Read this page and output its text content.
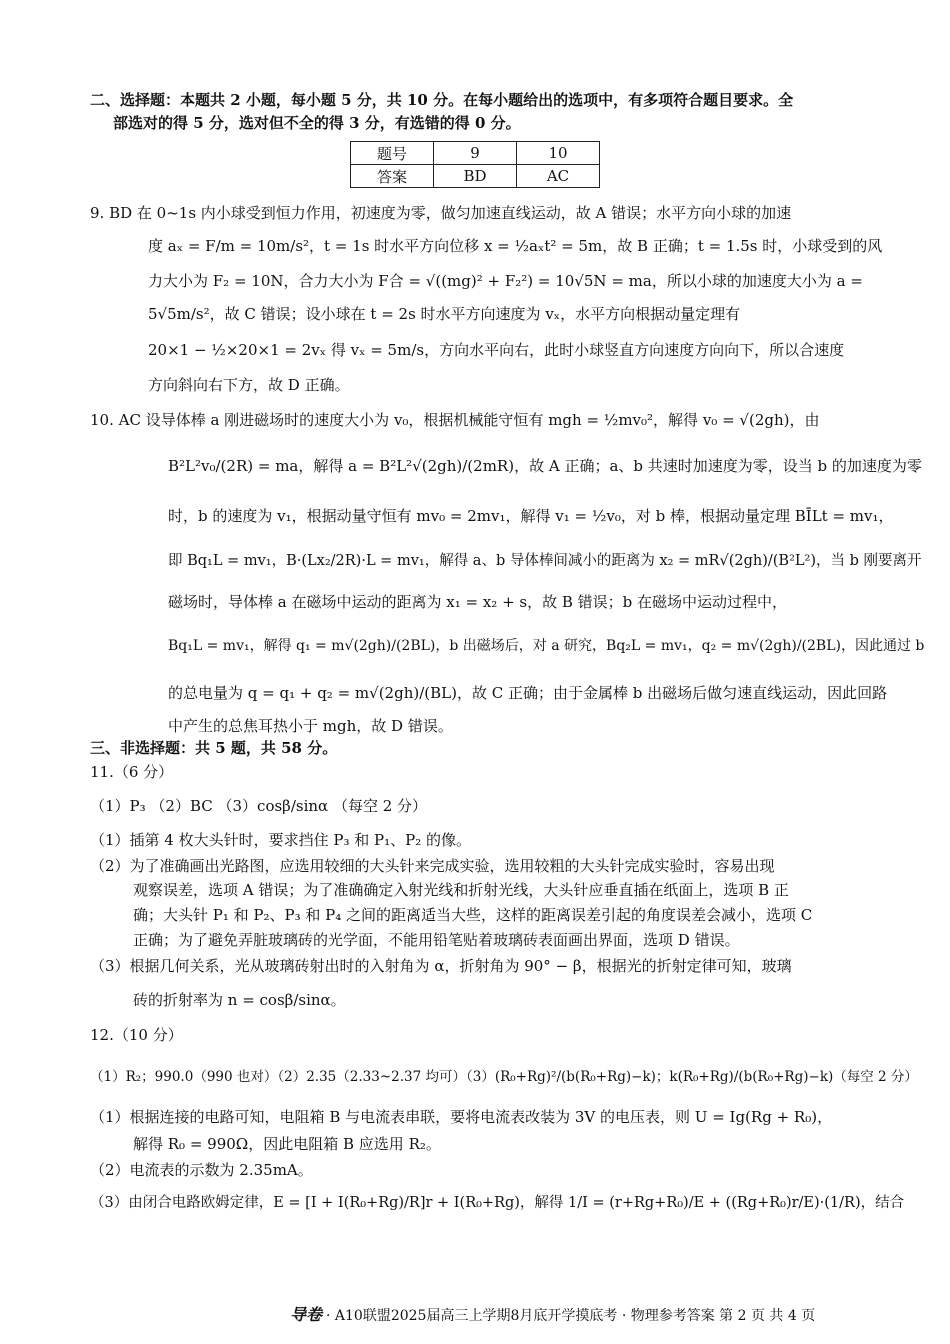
二、选择题：本题共 2 小题，每小题 5 分，共 10 分。在每小题给出的选项中，有多项符合题目要求。全
部选对的得 5 分，选对但不全的得 3 分，有选错的得 0 分。
题号	9	10
答案	BD	AC
9. BD 在 0~1s 内小球受到恒力作用，初速度为零，做匀加速直线运动，故 A 错误；水平方向小球的加速
度 aₓ = F/m = 10m/s²，t = 1s 时水平方向位移 x = ½aₓt² = 5m，故 B 正确；t = 1.5s 时，小球受到的风
力大小为 F₂ = 10N，合力大小为 F合 = √((mg)² + F₂²) = 10√5N = ma，所以小球的加速度大小为 a =
5√5m/s²，故 C 错误；设小球在 t = 2s 时水平方向速度为 vₓ，水平方向根据动量定理有
20×1 − ½×20×1 = 2vₓ 得 vₓ = 5m/s，方向水平向右，此时小球竖直方向速度方向向下，所以合速度
方向斜向右下方，故 D 正确。
10. AC 设导体棒 a 刚进磁场时的速度大小为 v₀，根据机械能守恒有 mgh = ½mv₀²，解得 v₀ = √(2gh)，由
B²L²v₀/(2R) = ma，解得 a = B²L²√(2gh)/(2mR)，故 A 正确；a、b 共速时加速度为零，设当 b 的加速度为零
时，b 的速度为 v₁，根据动量守恒有 mv₀ = 2mv₁，解得 v₁ = ½v₀，对 b 棒，根据动量定理 BĪLt = mv₁，
即 Bq₁L = mv₁，B·(Lx₂/2R)·L = mv₁，解得 a、b 导体棒间减小的距离为 x₂ = mR√(2gh)/(B²L²)，当 b 刚要离开
磁场时，导体棒 a 在磁场中运动的距离为 x₁ = x₂ + s，故 B 错误；b 在磁场中运动过程中，
Bq₁L = mv₁，解得 q₁ = m√(2gh)/(2BL)，b 出磁场后，对 a 研究，Bq₂L = mv₁，q₂ = m√(2gh)/(2BL)，因此通过 b
的总电量为 q = q₁ + q₂ = m√(2gh)/(BL)，故 C 正确；由于金属棒 b 出磁场后做匀速直线运动，因此回路
中产生的总焦耳热小于 mgh，故 D 错误。
三、非选择题：共 5 题，共 58 分。
11.（6 分）
（1）P₃ （2）BC （3）cosβ/sinα （每空 2 分）
（1）插第 4 枚大头针时，要求挡住 P₃ 和 P₁、P₂ 的像。
（2）为了准确画出光路图，应选用较细的大头针来完成实验，选用较粗的大头针完成实验时，容易出现
观察误差，选项 A 错误；为了准确确定入射光线和折射光线，大头针应垂直插在纸面上，选项 B 正
确；大头针 P₁ 和 P₂、P₃ 和 P₄ 之间的距离适当大些，这样的距离误差引起的角度误差会减小，选项 C
正确；为了避免弄脏玻璃砖的光学面，不能用铅笔贴着玻璃砖表面画出界面，选项 D 错误。
（3）根据几何关系，光从玻璃砖射出时的入射角为 α，折射角为 90° − β，根据光的折射定律可知，玻璃
砖的折射率为 n = cosβ/sinα。
12.（10 分）
（1）R₂；990.0（990 也对）（2）2.35（2.33~2.37 均可）（3）(R₀+Rg)²/(b(R₀+Rg)−k)；k(R₀+Rg)/(b(R₀+Rg)−k)（每空 2 分）
（1）根据连接的电路可知，电阻箱 B 与电流表串联，要将电流表改装为 3V 的电压表，则 U = Ig(Rg + R₀)，
解得 R₀ = 990Ω，因此电阻箱 B 应选用 R₂。
（2）电流表的示数为 2.35mA。
（3）由闭合电路欧姆定律，E = [I + I(R₀+Rg)/R]r + I(R₀+Rg)，解得 1/I = (r+Rg+R₀)/E + ((Rg+R₀)r/E)·(1/R)，结合
导卷 · A10联盟2025届高三上学期8月底开学摸底考 · 物理参考答案 第 2 页 共 4 页
